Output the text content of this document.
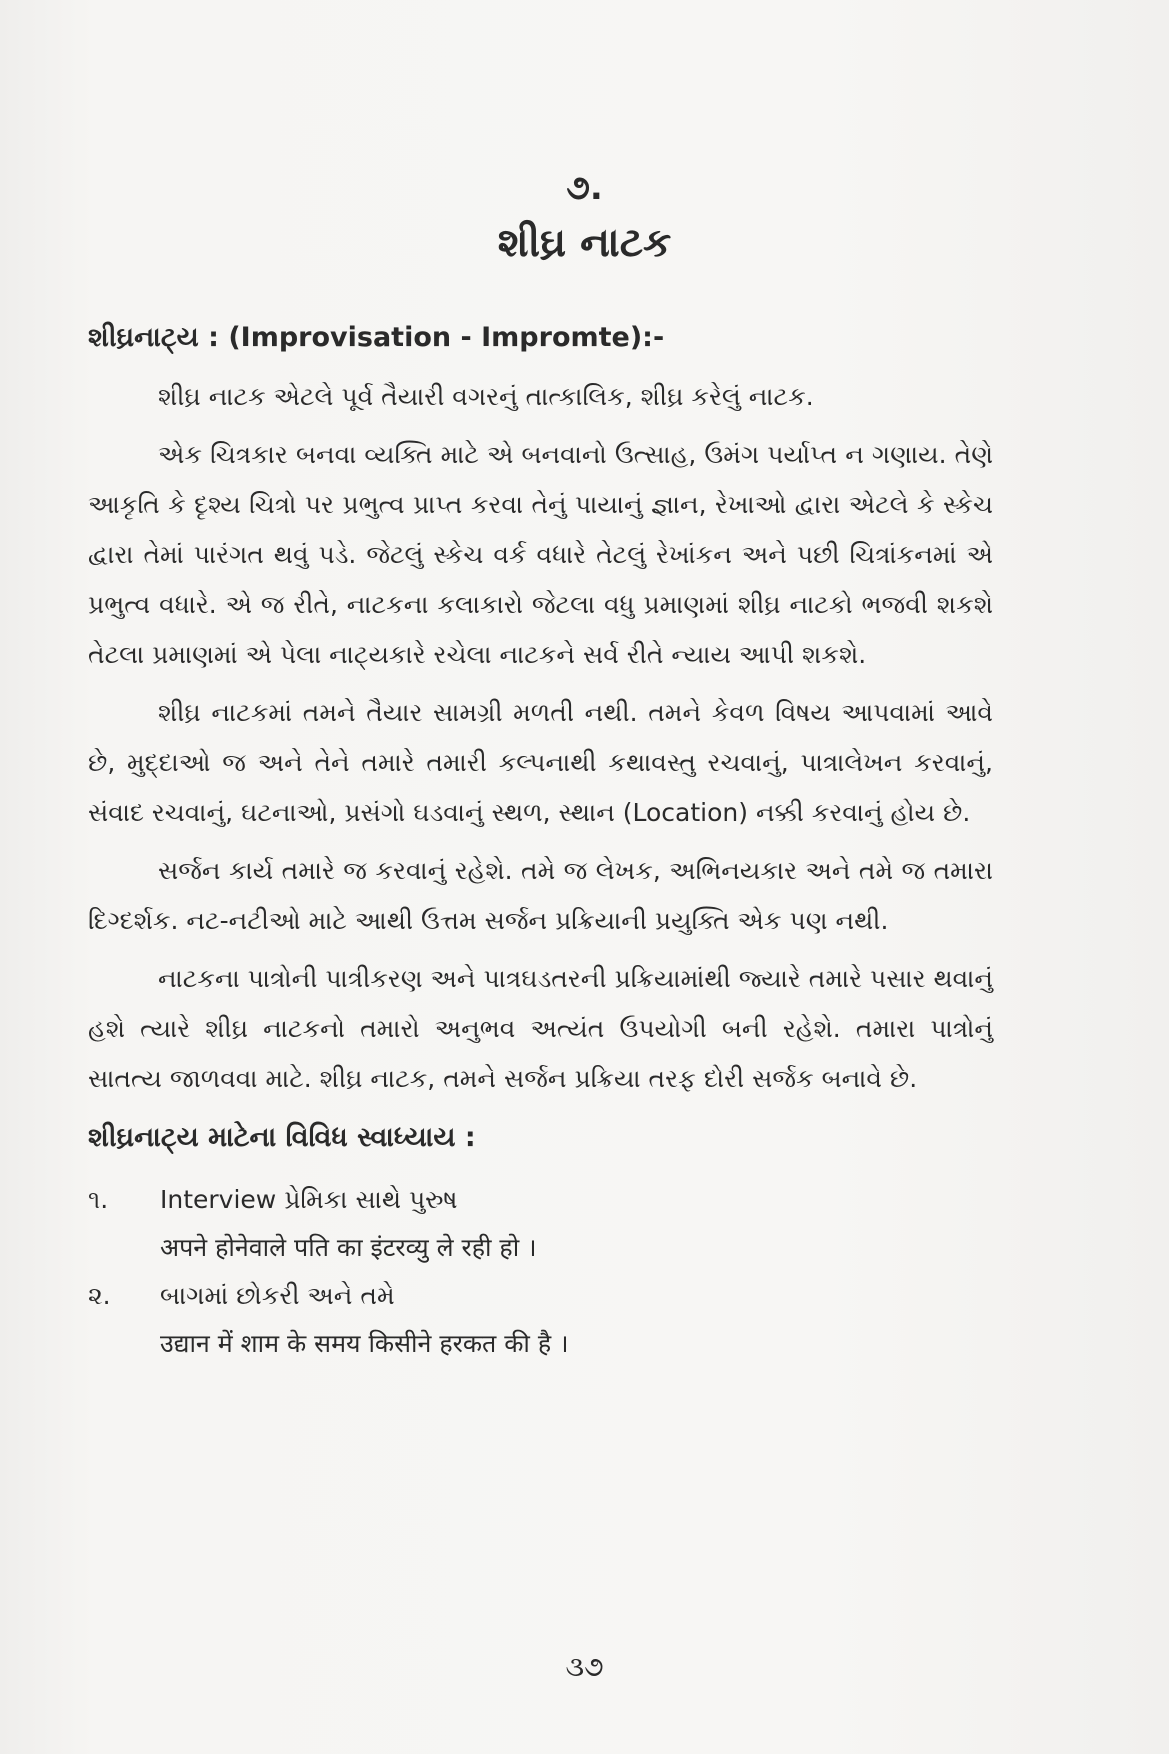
૭.
શીઘ્ર નાટક
શીઘ્રનાટ્ય : (Improvisation - Impromte):-

શીઘ્ર નાટક એટલે પૂર્વ તૈયારી વગરનું તાત્કાલિક, શીઘ્ર કરેલું નાટક.

એક ચિત્રકાર બનવા વ્યક્તિ માટે એ બનવાનો ઉત્સાહ, ઉમંગ પર્યાપ્ત ન ગણાય. તેણે આકૃતિ કે દૃશ્ય ચિત્રો પર પ્રભુત્વ પ્રાપ્ત કરવા તેનું પાયાનું જ્ઞાન, રેખાઓ દ્વારા એટલે કે સ્કેચ દ્વારા તેમાં પારંગત થવું પડે. જેટલું સ્કેચ વર્ક વધારે તેટલું રેખાંકન અને પછી ચિત્રાંકનમાં એ પ્રભુત્વ વધારે. એ જ રીતે, નાટકના કલાકારો જેટલા વધુ પ્રમાણમાં શીઘ્ર નાટકો ભજવી શકશે તેટલા પ્રમાણમાં એ પેલા નાટ્યકારે રચેલા નાટકને સર્વ રીતે ન્યાય આપી શકશે.

શીઘ્ર નાટકમાં તમને તૈયાર સામગ્રી મળતી નથી. તમને કેવળ વિષય આપવામાં આવે છે, મુદ્દાઓ જ અને તેને તમારે તમારી કલ્પનાથી કથાવસ્તુ રચવાનું, પાત્રાલેખન કરવાનું, સંવાદ રચવાનું, ઘટનાઓ, પ્રસંગો ઘડવાનું સ્થળ, સ્થાન (Location) નક્કી કરવાનું હોય છે.

સર્જન કાર્ય તમારે જ કરવાનું રહેશે. તમે જ લેખક, અભિનયકાર અને તમે જ તમારા દિગ્દર્શક. નટ-નટીઓ માટે આથી ઉત્તમ સર્જન પ્રક્રિયાની પ્રયુક્તિ એક પણ નથી.

નાટકના પાત્રોની પાત્રીકરણ અને પાત્રઘડતરની પ્રક્રિયામાંથી જ્યારે તમારે પસાર થવાનું હશે ત્યારે શીઘ્ર નાટકનો તમારો અનુભવ અત્યંત ઉપયોગી બની રહેશે. તમારા પાત્રોનું સાતત્ય જાળવવા માટે. શીઘ્ર નાટક, તમને સર્જન પ્રક્રિયા તરફ દોરી સર્જક બનાવે છે.

શીઘ્રનાટ્ય માટેના વિવિધ સ્વાધ્યાય :
૧.	Interview પ્રેમિકા સાથે પુરુષ
अपने होनेवाले पति का इंटरव्यु ले रही हो ।
૨.	બાગમાં છોકરી અને તમે
उद्यान में शाम के समय किसीने हरकत की है ।
૩૭
